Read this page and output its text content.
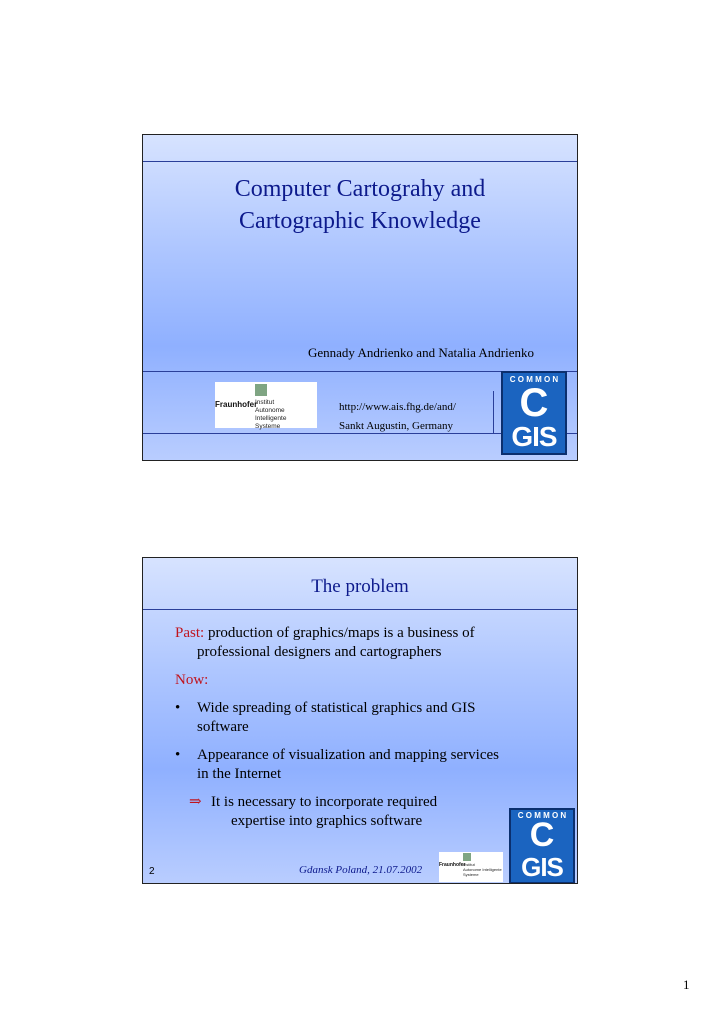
Computer Cartograhy and
Cartographic Knowledge
Gennady Andrienko and Natalia Andrienko
http://www.ais.fhg.de/and/
Sankt Augustin, Germany
Fraunhofer
Institut
Autonome Intelligente
Systeme
C O M M O N
C
GIS
The problem

Past: production of graphics/maps is a business of

professional designers and cartographers

Now:

• Wide spreading of statistical graphics and GIS
software
• Appearance of visualization and mapping services
in the Internet
⇒ It is necessary to incorporate required
expertise into graphics software
2	Gdansk Poland, 21.07.2002	Fraunhofer
Institut
Autonome Intelligente
Systeme
C O M M O N
C
GIS
1
